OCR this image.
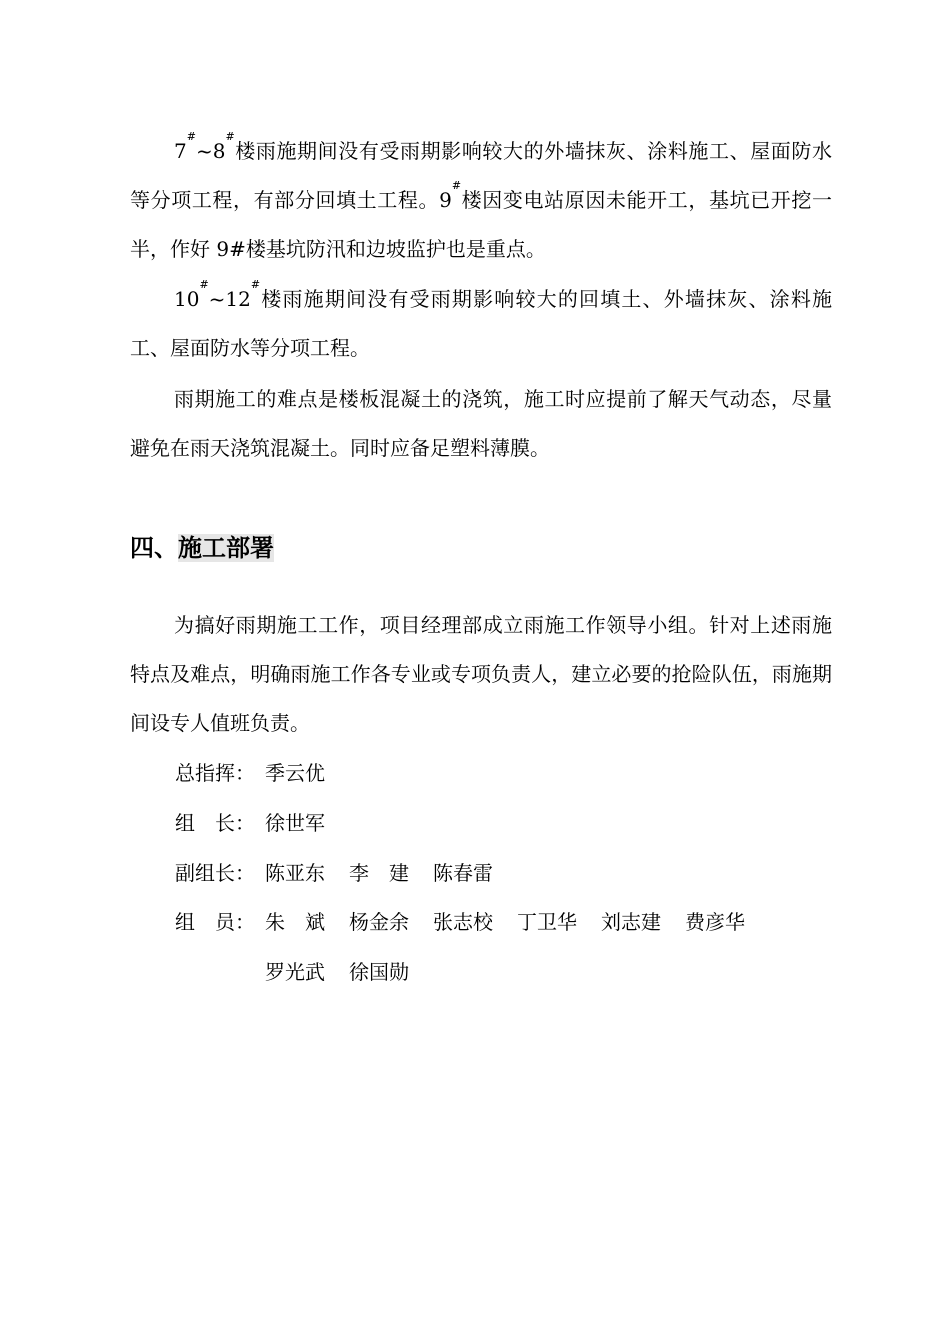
7#~8#楼雨施期间没有受雨期影响较大的外墙抹灰、涂料施工、屋面防水等分项工程，有部分回填土工程。9#楼因变电站原因未能开工，基坑已开挖一半，作好 9#楼基坑防汛和边坡监护也是重点。

10#~12#楼雨施期间没有受雨期影响较大的回填土、外墙抹灰、涂料施工、屋面防水等分项工程。

雨期施工的难点是楼板混凝土的浇筑，施工时应提前了解天气动态，尽量避免在雨天浇筑混凝土。同时应备足塑料薄膜。

四、施工部署

为搞好雨期施工工作，项目经理部成立雨施工作领导小组。针对上述雨施特点及难点，明确雨施工作各专业或专项负责人，建立必要的抢险队伍，雨施期间设专人值班负责。

总指挥： 季云优
组　长： 徐世军
副组长： 陈亚东 李　建 陈春雷
组　员： 朱　斌 杨金余 张志校 丁卫华 刘志建 费彦华
罗光武 徐国勋
